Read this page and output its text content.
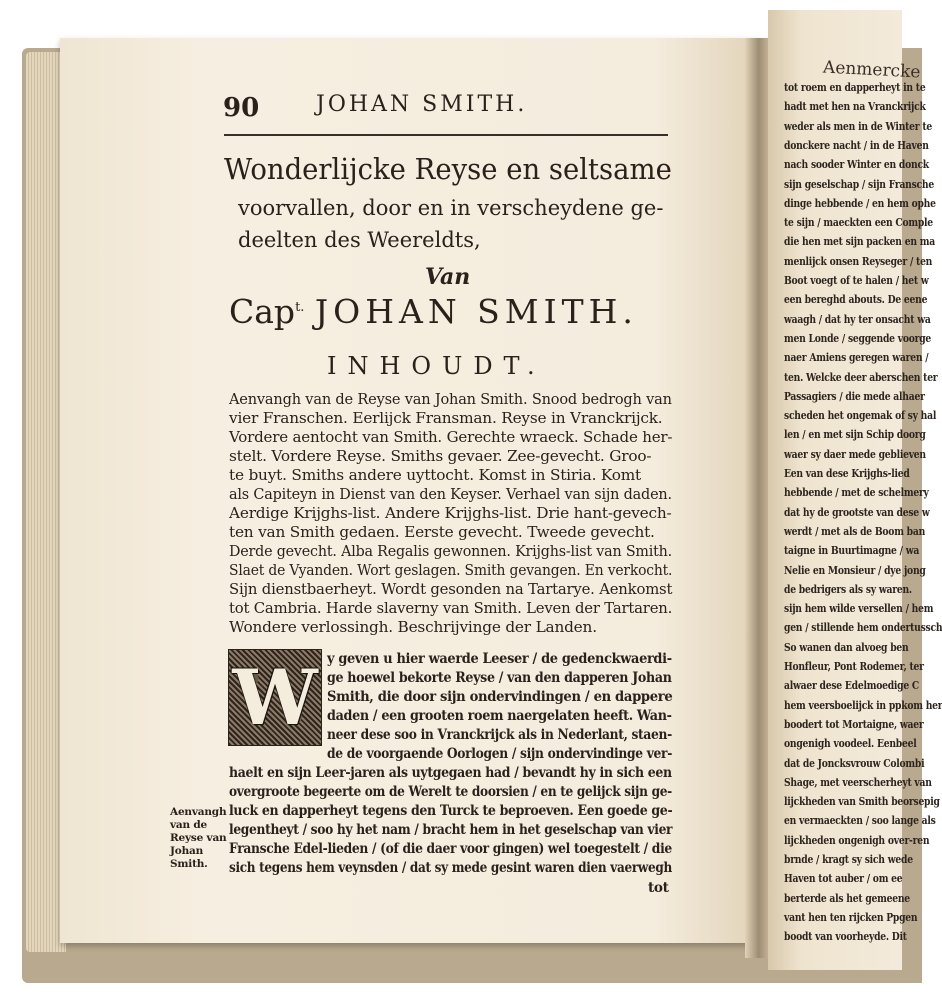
Aenmercke
tot roem en dapperheyt in te
hadt met hen na Vranckrijck
weder als men in de Winter te
donckere nacht / in de Haven
nach sooder Winter en donck
sijn geselschap / sijn Fransche
dinge hebbende / en hem ophe
te sijn / maeckten een Comple
die hen met sijn packen en ma
menlijck onsen Reyseger / ten
Boot voegt of te halen / het w
een bereghd abouts. De eene
waagh / dat hy ter onsacht wa
men Londe / seggende voorge
naer Amiens geregen waren /
ten. Welcke deer aberschen ter
Passagiers / die mede alhaer
scheden het ongemak of sy hal
len / en met sijn Schip doorg
waer sy daer mede geblieven
Een van dese Krijghs-lied
hebbende / met de schelmery
dat hy de grootste van dese w
werdt / met als de Boom ban
taigne in Buurtimagne / wa
Nelie en Monsieur / dye jong
de bedrigers als sy waren.
sijn hem wilde versellen / hem
gen / stillende hem ondertussch
So wanen dan alvoeg ben
Honfleur, Pont Rodemer, ter
alwaer dese Edelmoedige C
hem veersboelijck in ppkom her
boodert tot Mortaigne, waer
ongenigh voodeel. Eenbeel
dat de Joncksvrouw Colombi
Shage, met veerscherheyt van
lijckheden van Smith beorsepig
en vermaeckten / soo lange als
lijckheden ongenigh over-ren
brnde / kragt sy sich wede
Haven tot auber / om ee
berterde als het gemeene
vant hen ten rijcken Ppgen
boodt van voorheyde. Dit
90	JOHAN SMITH.
Wonderlijcke Reyse en seltsame
voorvallen, door en in verscheydene ge-
deelten des Weereldts,
Van
Cap$^{t.}$ JOHAN SMITH.
INHOUDT.
Aenvangh van de Reyse van Johan Smith. Snood bedrogh van
vier Franschen. Eerlijck Fransman. Reyse in Vranckrijck.
Vordere aentocht van Smith. Gerechte wraeck. Schade her-
stelt. Vordere Reyse. Smiths gevaer. Zee-gevecht. Groo-
te buyt. Smiths andere uyttocht. Komst in Stiria. Komt
als Capiteyn in Dienst van den Keyser. Verhael van sijn daden.
Aerdige Krijghs-list. Andere Krijghs-list. Drie hant-gevech-
ten van Smith gedaen. Eerste gevecht. Tweede gevecht.
Derde gevecht. Alba Regalis gewonnen. Krijghs-list van Smith.
Slaet de Vyanden. Wort geslagen. Smith gevangen. En verkocht.
Sijn dienstbaerheyt. Wordt gesonden na Tartarye. Aenkomst
tot Cambria. Harde slaverny van Smith. Leven der Tartaren.
Wondere verlossingh. Beschrijvinge der Landen.
W y geven u hier waerde Leeser / de gedenckwaerdi-
ge hoewel bekorte Reyse / van den dapperen Johan
Smith, die door sijn ondervindingen / en dappere
daden / een grooten roem naergelaten heeft. Wan-
neer dese soo in Vranckrijck als in Nederlant, staen-
de de voorgaende Oorlogen / sijn ondervindinge ver-
haelt en sijn Leer-jaren als uytgegaen had / bevandt hy in sich een
overgroote begeerte om de Werelt te doorsien / en te gelijck sijn ge-
luck en dapperheyt tegens den Turck te beproeven. Een goede ge-
legentheyt / soo hy het nam / bracht hem in het geselschap van vier
Fransche Edel-lieden / (of die daer voor gingen) wel toegestelt / die
sich tegens hem veynsden / dat sy mede gesint waren dien vaerwegh
tot
Aenvangh
van de
Reyse van
Johan
Smith.
